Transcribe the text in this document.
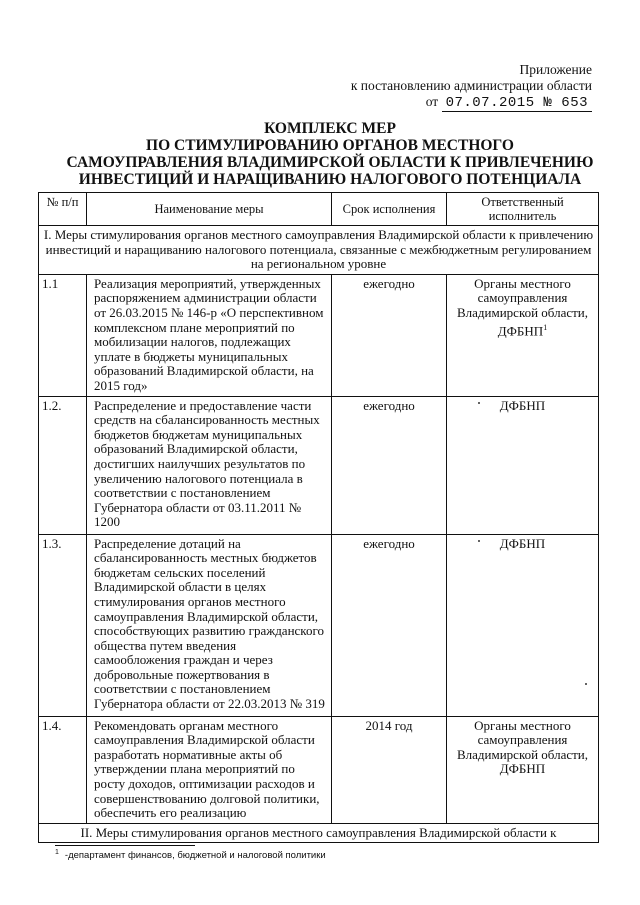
Приложение
к постановлению администрации области
от 07.07.2015 № 653
КОМПЛЕКС МЕР
ПО СТИМУЛИРОВАНИЮ ОРГАНОВ МЕСТНОГО
САМОУПРАВЛЕНИЯ ВЛАДИМИРСКОЙ ОБЛАСТИ К ПРИВЛЕЧЕНИЮ
ИНВЕСТИЦИЙ И НАРАЩИВАНИЮ НАЛОГОВОГО ПОТЕНЦИАЛА
№ п/п	Наименование меры	Срок исполнения	Ответственный исполнитель
I. Меры стимулирования органов местного самоуправления Владимирской области к привлечению инвестиций и наращиванию налогового потенциала, связанные с межбюджетным регулированием на региональном уровне			
1.1	Реализация мероприятий, утвержденных распоряжением администрации области от 26.03.2015 № 146-р «О перспективном комплексном плане мероприятий по мобилизации налогов, подлежащих уплате в бюджеты муниципальных образований Владимирской области, на 2015 год»	ежегодно	Органы местного самоуправления Владимирской области, ДФБНП$^1$
1.2.	Распределение и предоставление части средств на сбалансированность местных бюджетов бюджетам муниципальных образований Владимирской области, достигших наилучших результатов по увеличению налогового потенциала в соответствии с постановлением Губернатора области от 03.11.2011 № 1200	ежегодно	ДФБНП
1.3.	Распределение дотаций на сбалансированность местных бюджетов бюджетам сельских поселений Владимирской области в целях стимулирования органов местного самоуправления Владимирской области, способствующих развитию гражданского общества путем введения самообложения граждан и через добровольные пожертвования в соответствии с постановлением Губернатора области от 22.03.2013 № 319	ежегодно	ДФБНП
1.4.	Рекомендовать органам местного самоуправления Владимирской области разработать нормативные акты об утверждении плана мероприятий по росту доходов, оптимизации расходов и совершенствованию долговой политики, обеспечить его реализацию	2014 год	Органы местного самоуправления Владимирской области, ДФБНП
II. Меры стимулирования органов местного самоуправления Владимирской области к			
$^1$ -департамент финансов, бюджетной и налоговой политики
